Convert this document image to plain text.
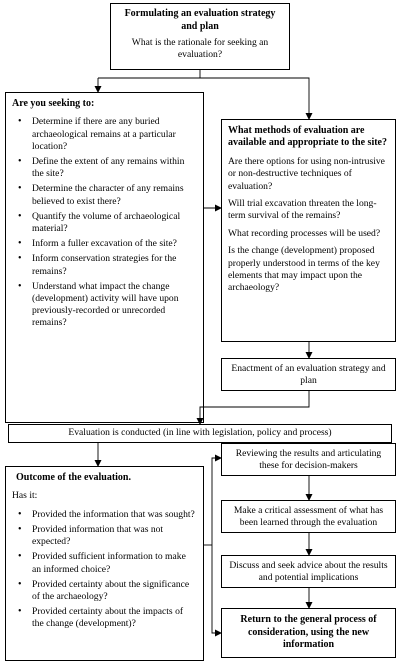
Formulating an evaluation strategy and plan

What is the rationale for seeking an evaluation?

Are you seeking to:

• Determine if there are any buried archaeological remains at a particular location?
• Define the extent of any remains within the site?
• Determine the character of any remains believed to exist there?
• Quantify the volume of archaeological material?
• Inform a fuller excavation of the site?
• Inform conservation strategies for the remains?
• Understand what impact the change (development) activity will have upon previously-recorded or unrecorded remains?

What methods of evaluation are available and appropriate to the site?

Are there options for using non-intrusive or non-destructive techniques of evaluation?

Will trial excavation threaten the long-term survival of the remains?

What recording processes will be used?

Is the change (development) proposed properly understood in terms of the key elements that may impact upon the archaeology?

Enactment of an evaluation strategy and plan

Evaluation is conducted (in line with legislation, policy and process)

Outcome of the evaluation.

Has it:

• Provided the information that was sought?
• Provided information that was not expected?
• Provided sufficient information to make an informed choice?
• Provided certainty about the significance of the archaeology?
• Provided certainty about the impacts of the change (development)?

Reviewing the results and articulating these for decision-makers

Make a critical assessment of what has been learned through the evaluation

Discuss and seek advice about the results and potential implications

Return to the general process of consideration, using the new information
